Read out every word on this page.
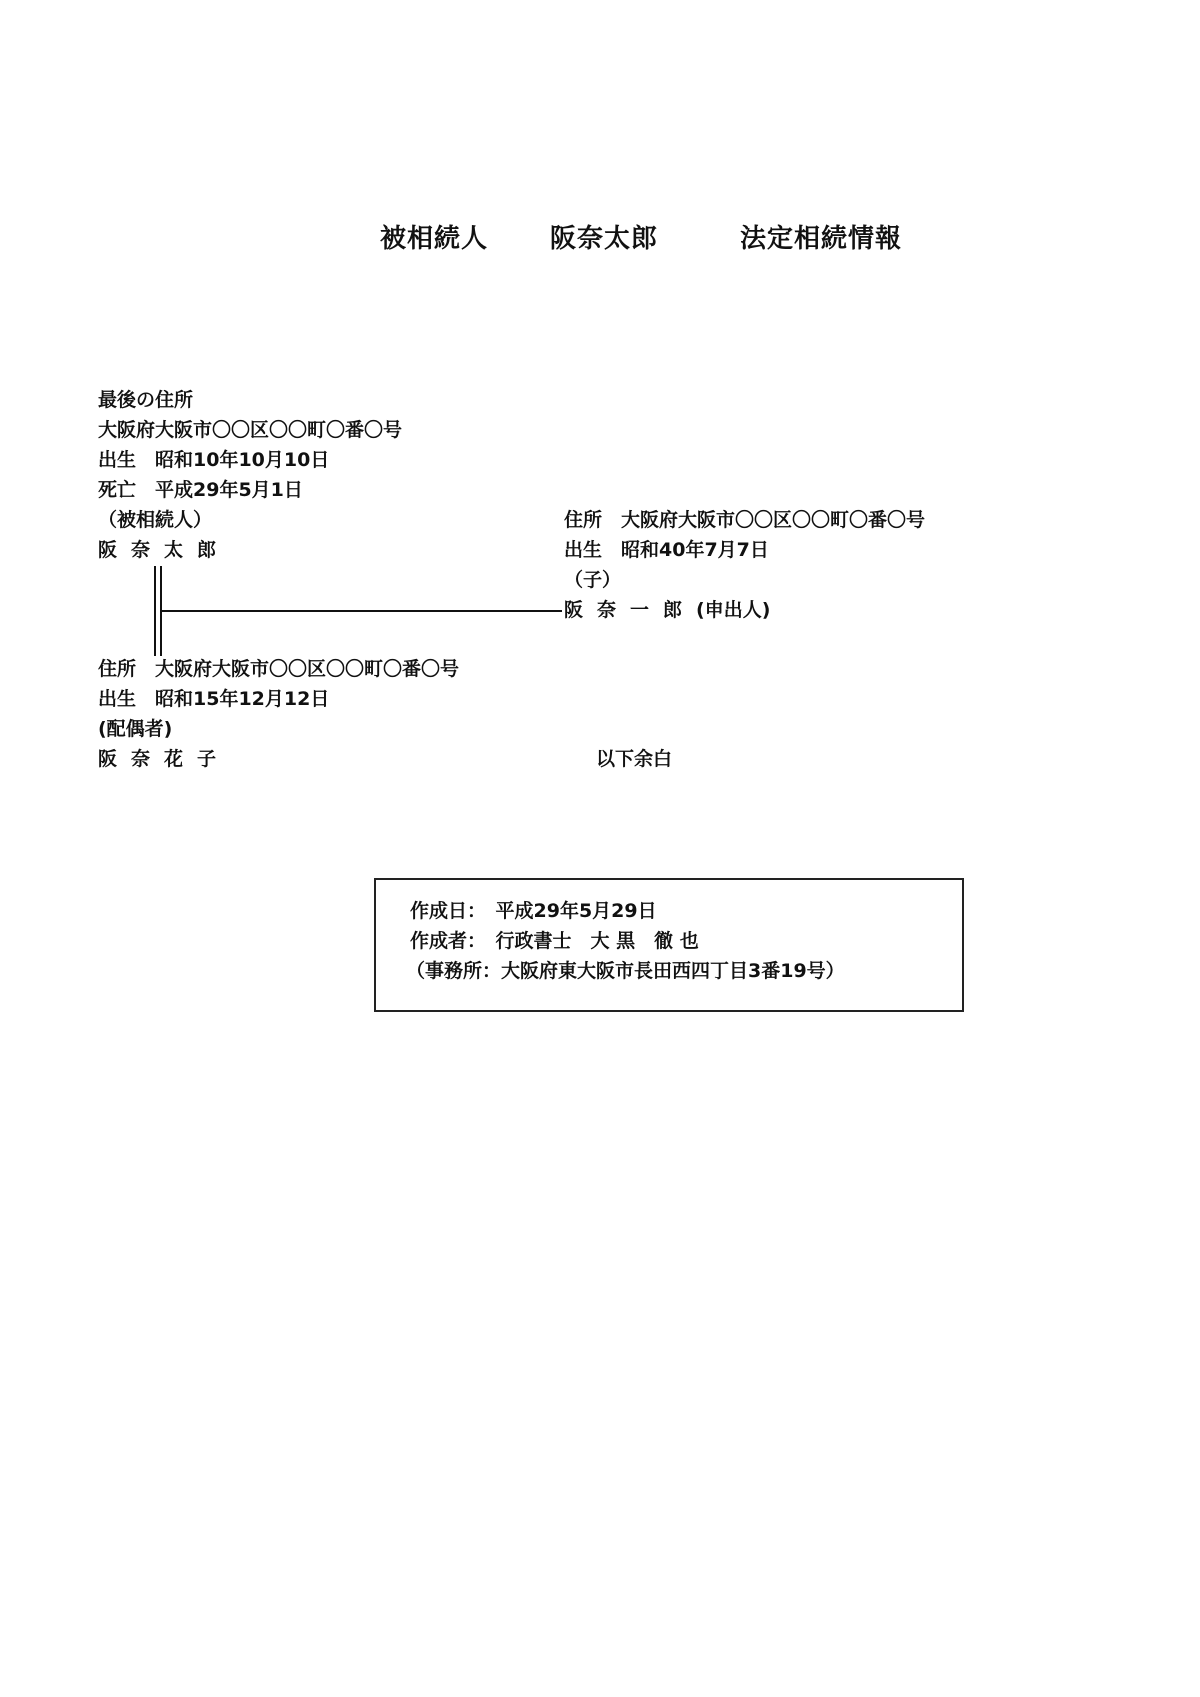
被相続人 阪奈太郎	法定相続情報
最後の住所
大阪府大阪市〇〇区〇〇町〇番〇号
出生　昭和10年10月10日
死亡　平成29年5月1日
（被相続人）
阪奈太郎
住所　大阪府大阪市〇〇区〇〇町〇番〇号
出生　昭和40年7月7日
（子）
阪奈一郎(申出人)
住所　大阪府大阪市〇〇区〇〇町〇番〇号
出生　昭和15年12月12日
(配偶者)
阪奈花子	以下余白
作成日：　平成29年5月29日
作成者：　行政書士　大 黒　徹 也
（事務所：大阪府東大阪市長田西四丁目3番19号）
